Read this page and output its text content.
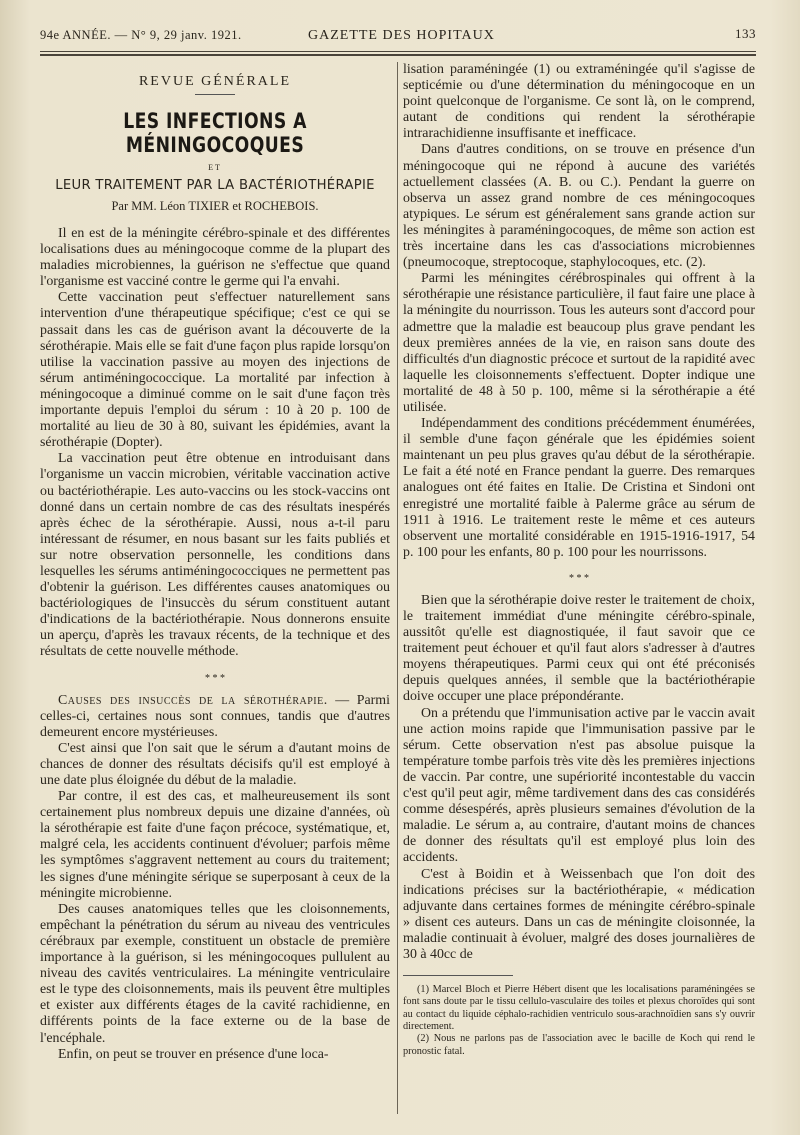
94e ANNÉE. — N° 9, 29 janv. 1921.	GAZETTE DES HOPITAUX	133
REVUE GÉNÉRALE
LES INFECTIONS A MÉNINGOCOQUES
ET
LEUR TRAITEMENT PAR LA BACTÉRIOTHÉRAPIE
Par MM. Léon TIXIER et ROCHEBOIS.

Il en est de la méningite cérébro-spinale et des différentes localisations dues au méningocoque comme de la plupart des maladies microbiennes, la guérison ne s'effectue que quand l'organisme est vacciné contre le germe qui l'a envahi.

Cette vaccination peut s'effectuer naturellement sans intervention d'une thérapeutique spécifique; c'est ce qui se passait dans les cas de guérison avant la découverte de la sérothérapie. Mais elle se fait d'une façon plus rapide lorsqu'on utilise la vaccination passive au moyen des injections de sérum antiméningococcique. La mortalité par infection à méningocoque a diminué comme on le sait d'une façon très importante depuis l'emploi du sérum : 10 à 20 p. 100 de mortalité au lieu de 30 à 80, suivant les épidémies, avant la sérothérapie (Dopter).

La vaccination peut être obtenue en introduisant dans l'organisme un vaccin microbien, véritable vaccination active ou bactériothérapie. Les auto-vaccins ou les stock-vaccins ont donné dans un certain nombre de cas des résultats inespérés après échec de la sérothérapie. Aussi, nous a-t-il paru intéressant de résumer, en nous basant sur les faits publiés et sur notre observation personnelle, les conditions dans lesquelles les sérums antiméningococciques ne permettent pas d'obtenir la guérison. Les différentes causes anatomiques ou bactériologiques de l'insuccès du sérum constituent autant d'indications de la bactériothérapie. Nous donnerons ensuite un aperçu, d'après les travaux récents, de la technique et des résultats de cette nouvelle méthode.

* * *

Causes des insuccès de la sérothérapie. — Parmi celles-ci, certaines nous sont connues, tandis que d'autres demeurent encore mystérieuses.

C'est ainsi que l'on sait que le sérum a d'autant moins de chances de donner des résultats décisifs qu'il est employé à une date plus éloignée du début de la maladie.

Par contre, il est des cas, et malheureusement ils sont certainement plus nombreux depuis une dizaine d'années, où la sérothérapie est faite d'une façon précoce, systématique, et, malgré cela, les accidents continuent d'évoluer; parfois même les symptômes s'aggravent nettement au cours du traitement; les signes d'une méningite sérique se superposant à ceux de la méningite microbienne.

Des causes anatomiques telles que les cloisonnements, empêchant la pénétration du sérum au niveau des ventricules cérébraux par exemple, constituent un obstacle de première importance à la guérison, si les méningocoques pullulent au niveau des cavités ventriculaires. La méningite ventriculaire est le type des cloisonnements, mais ils peuvent être multiples et exister aux différents étages de la cavité rachidienne, en différents points de la face externe ou de la base de l'encéphale.

Enfin, on peut se trouver en présence d'une loca-

lisation paraméningée (1) ou extraméningée qu'il s'agisse de septicémie ou d'une détermination du méningocoque en un point quelconque de l'organisme. Ce sont là, on le comprend, autant de conditions qui rendent la sérothérapie intrarachidienne insuffisante et inefficace.

Dans d'autres conditions, on se trouve en présence d'un méningocoque qui ne répond à aucune des variétés actuellement classées (A. B. ou C.). Pendant la guerre on observa un assez grand nombre de ces méningocoques atypiques. Le sérum est généralement sans grande action sur les méningites à paraméningocoques, de même son action est très incertaine dans les cas d'associations microbiennes (pneumocoque, streptocoque, staphylocoques, etc. (2).

Parmi les méningites cérébrospinales qui offrent à la sérothérapie une résistance particulière, il faut faire une place à la méningite du nourrisson. Tous les auteurs sont d'accord pour admettre que la maladie est beaucoup plus grave pendant les deux premières années de la vie, en raison sans doute des difficultés d'un diagnostic précoce et surtout de la rapidité avec laquelle les cloisonnements s'effectuent. Dopter indique une mortalité de 48 à 50 p. 100, même si la sérothérapie a été utilisée.

Indépendamment des conditions précédemment énumérées, il semble d'une façon générale que les épidémies soient maintenant un peu plus graves qu'au début de la sérothérapie. Le fait a été noté en France pendant la guerre. Des remarques analogues ont été faites en Italie. De Cristina et Sindoni ont enregistré une mortalité faible à Palerme grâce au sérum de 1911 à 1916. Le traitement reste le même et ces auteurs observent une mortalité considérable en 1915-1916-1917, 54 p. 100 pour les enfants, 80 p. 100 pour les nourrissons.

* * *

Bien que la sérothérapie doive rester le traitement de choix, le traitement immédiat d'une méningite cérébro-spinale, aussitôt qu'elle est diagnostiquée, il faut savoir que ce traitement peut échouer et qu'il faut alors s'adresser à d'autres moyens thérapeutiques. Parmi ceux qui ont été préconisés depuis quelques années, il semble que la bactériothérapie doive occuper une place prépondérante.

On a prétendu que l'immunisation active par le vaccin avait une action moins rapide que l'immunisation passive par le sérum. Cette observation n'est pas absolue puisque la température tombe parfois très vite dès les premières injections de vaccin. Par contre, une supériorité incontestable du vaccin c'est qu'il peut agir, même tardivement dans des cas considérés comme désespérés, après plusieurs semaines d'évolution de la maladie. Le sérum a, au contraire, d'autant moins de chances de donner des résultats qu'il est employé plus loin des accidents.

C'est à Boidin et à Weissenbach que l'on doit des indications précises sur la bactériothérapie, « médication adjuvante dans certaines formes de méningite cérébro-spinale » disent ces auteurs. Dans un cas de méningite cloisonnée, la maladie continuait à évoluer, malgré des doses journalières de 30 à 40cc de

(1) Marcel Bloch et Pierre Hébert disent que les localisations paraméningées se font sans doute par le tissu cellulo-vasculaire des toiles et plexus choroïdes qui sont au contact du liquide céphalo-rachidien ventriculo sous-arachnoïdien sans s'y ouvrir directement.

(2) Nous ne parlons pas de l'association avec le bacille de Koch qui rend le pronostic fatal.
